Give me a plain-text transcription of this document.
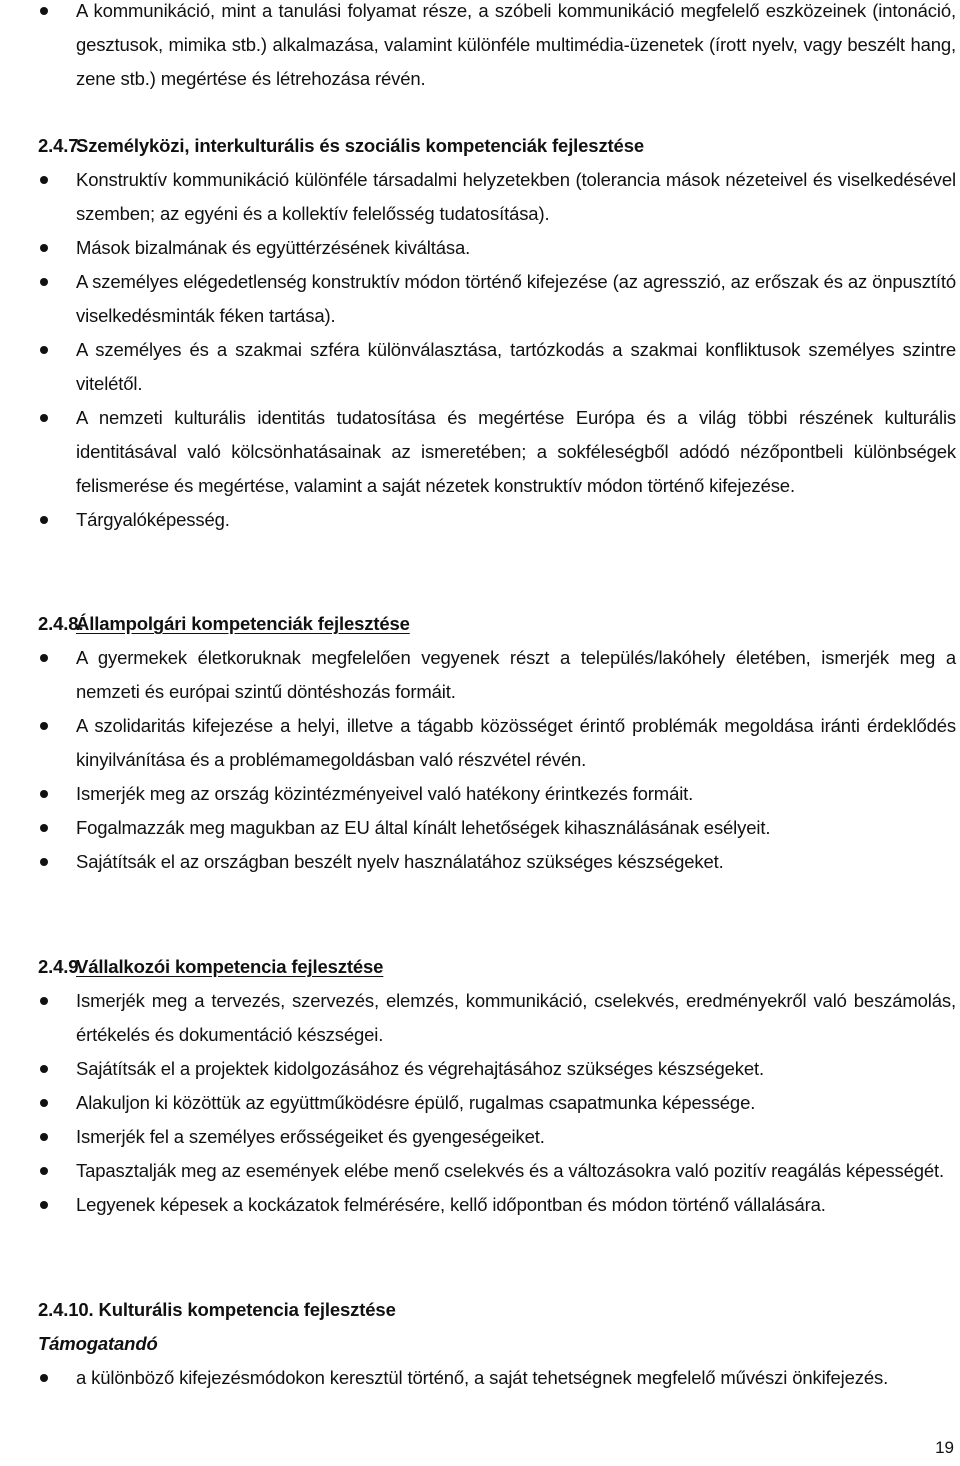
A kommunikáció, mint a tanulási folyamat része, a szóbeli kommunikáció megfelelő eszközeinek (intonáció, gesztusok, mimika stb.) alkalmazása, valamint különféle multimédia-üzenetek (írott nyelv, vagy beszélt hang, zene stb.) megértése és létrehozása révén.
2.4.7.
Személyközi, interkulturális és szociális kompetenciák fejlesztése
Konstruktív kommunikáció különféle társadalmi helyzetekben (tolerancia mások nézeteivel és viselkedésével szemben; az egyéni és a kollektív felelősség tudatosítása).
Mások bizalmának és együttérzésének kiváltása.
A személyes elégedetlenség konstruktív módon történő kifejezése (az agresszió, az erőszak és az önpusztító viselkedésminták féken tartása).
A személyes és a szakmai szféra különválasztása, tartózkodás a szakmai konfliktusok személyes szintre vitelétől.
A nemzeti kulturális identitás tudatosítása és megértése Európa és a világ többi részének kulturális identitásával való kölcsönhatásainak az ismeretében; a sokféleségből adódó nézőpontbeli különbségek felismerése és megértése, valamint a saját nézetek konstruktív módon történő kifejezése.
Tárgyalóképesség.
2.4.8.
Állampolgári kompetenciák fejlesztése
A gyermekek életkoruknak megfelelően vegyenek részt a település/lakóhely életében, ismerjék meg a nemzeti és európai szintű döntéshozás formáit.
A szolidaritás kifejezése a helyi, illetve a tágabb közösséget érintő problémák megoldása iránti érdeklődés kinyilvánítása és a problémamegoldásban való részvétel révén.
Ismerjék meg az ország közintézményeivel való hatékony érintkezés formáit.
Fogalmazzák meg magukban az EU által kínált lehetőségek kihasználásának esélyeit.
Sajátítsák el az országban beszélt nyelv használatához szükséges készségeket.
2.4.9.
Vállalkozói kompetencia fejlesztése
Ismerjék meg a tervezés, szervezés, elemzés, kommunikáció, cselekvés, eredményekről való beszámolás, értékelés és dokumentáció készségei.
Sajátítsák el a projektek kidolgozásához és végrehajtásához szükséges készségeket.
Alakuljon ki közöttük az együttműködésre épülő, rugalmas csapatmunka képessége.
Ismerjék fel a személyes erősségeiket és gyengeségeiket.
Tapasztalják meg az események elébe menő cselekvés és a változásokra való pozitív reagálás képességét.
Legyenek képesek a kockázatok felmérésére, kellő időpontban és módon történő vállalására.
2.4.10. Kulturális kompetencia fejlesztése
Támogatandó
a különböző kifejezésmódokon keresztül történő, a saját tehetségnek megfelelő művészi önkifejezés.
19
